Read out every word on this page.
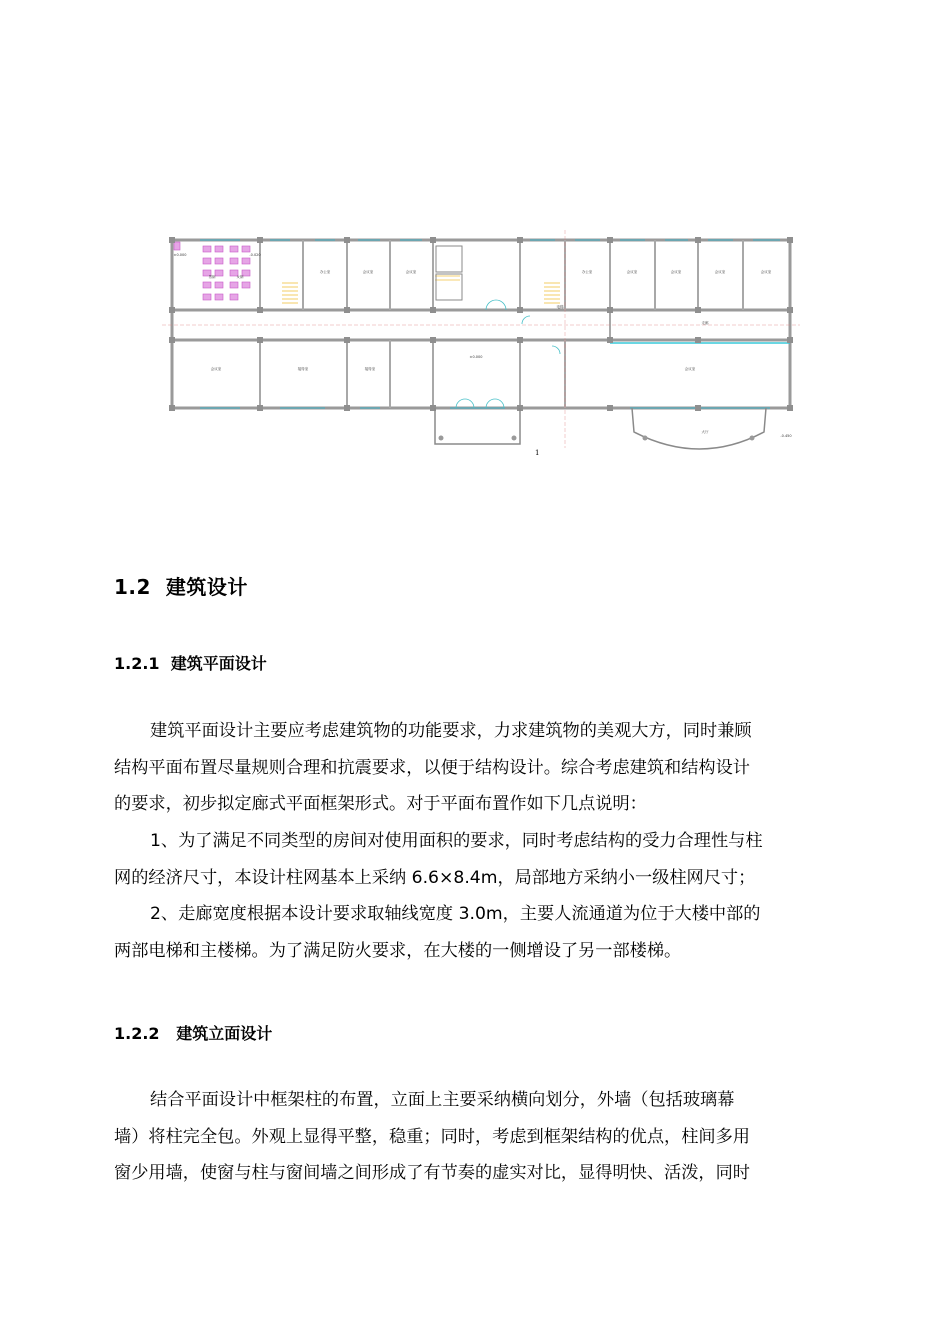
男厕	女厕
办公室	会议室	会议室	办公室	会议室	会议室	会议室	会议室
会议室	接待室	接待室	会议室
±0.000	-0.020
±0.000
-0.450
走廊
电梯
大厅
1
1.2 建筑设计
1.2.1 建筑平面设计

建筑平面设计主要应考虑建筑物的功能要求，力求建筑物的美观大方，同时兼顾
结构平面布置尽量规则合理和抗震要求，以便于结构设计。综合考虑建筑和结构设计
的要求，初步拟定廊式平面框架形式。对于平面布置作如下几点说明：

1、为了满足不同类型的房间对使用面积的要求，同时考虑结构的受力合理性与柱
网的经济尺寸，本设计柱网基本上采纳 6.6×8.4m，局部地方采纳小一级柱网尺寸；

2、走廊宽度根据本设计要求取轴线宽度 3.0m，主要人流通道为位于大楼中部的
两部电梯和主楼梯。为了满足防火要求，在大楼的一侧增设了另一部楼梯。

1.2.2 建筑立面设计

结合平面设计中框架柱的布置，立面上主要采纳横向划分，外墙（包括玻璃幕
墙）将柱完全包。外观上显得平整，稳重；同时，考虑到框架结构的优点，柱间多用
窗少用墙，使窗与柱与窗间墙之间形成了有节奏的虚实对比，显得明快、活泼，同时
